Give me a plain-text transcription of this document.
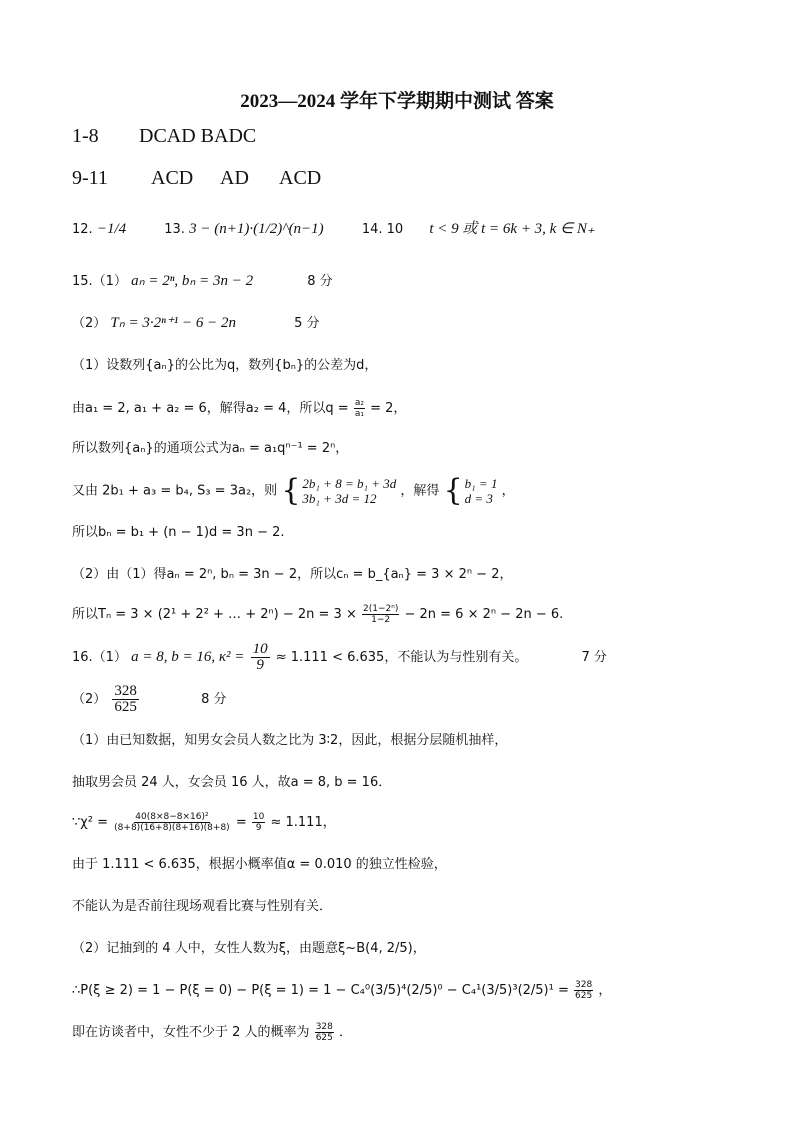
2023—2024 学年下学期期中测试 答案
1-8 DCAD BADC
9-11 ACD AD ACD
12. −1/4	13. 3 − (n+1)·(1/2)^(n−1)	14. 10 t < 9 或 t = 6k + 3, k ∈ N₊
15.（1） aₙ = 2ⁿ, bₙ = 3n − 2	8 分
（2） Tₙ = 3·2ⁿ⁺¹ − 6 − 2n	5 分
（1）设数列{aₙ}的公比为q，数列{bₙ}的公差为d，
由a₁ = 2, a₁ + a₂ = 6，解得a₂ = 4，所以$q = \frac{\text{a₂}}{\text{a₁}} = 2$，
所以数列{aₙ}的通项公式为aₙ = a₁qⁿ⁻¹ = 2ⁿ，
又由 2b₁ + a₃ = b₄, S₃ = 3a₂，则 { 2b₁ + 8 = b₁ + 3d
3b₁ + 3d = 12	，解得 { b₁ = 1
d = 3 ，
所以bₙ = b₁ + (n − 1)d = 3n − 2.
（2）由（1）得aₙ = 2ⁿ, bₙ = 3n − 2，所以cₙ = b_{aₙ} = 3 × 2ⁿ − 2，
所以Tₙ = 3 × (2¹ + 2² + … + $2^n) - 2n = 3 \times \frac{\text{2(1−2ⁿ)}}{1-2} - 2n = 6 \times 2^n - 2n - 6$.
16.（1） a = 8, b = 16, $\kappa^2 = \frac{10}{9} \approx 1.111 < 6.635$，不能认为与性别有关。	7 分
$(2) \frac{328}{625}$	8 分
（1）由已知数据，知男女会员人数之比为 3∶2，因此，根据分层随机抽样，
抽取男会员 24 人，女会员 16 人，故a = 8, b = 16．
∵χ² = $\frac{\text{40(8×8−8×16)²}}{(8+8)(16+8)(8+16)(8+8)} = \frac{10}{9} \approx 1.111$，
由于 1.111 < 6.635，根据小概率值α = 0.010 的独立性检验，
不能认为是否前往现场观看比赛与性别有关．
（2）记抽到的 4 人中，女性人数为ξ，由题意ξ~B(4, 2/5)，
∴P(ξ ≥ $2) = 1 - P(\xi = 0) - P(\xi = 1) = 1 - C_4^0(3/5)^4(2/5)^0 - C_4^1(3/5)^3(2/5)^1 = \frac{328}{625}$ ，
即在访谈者中，女性不少于 2 人的概率为 $\frac{328}{625}$ ．
